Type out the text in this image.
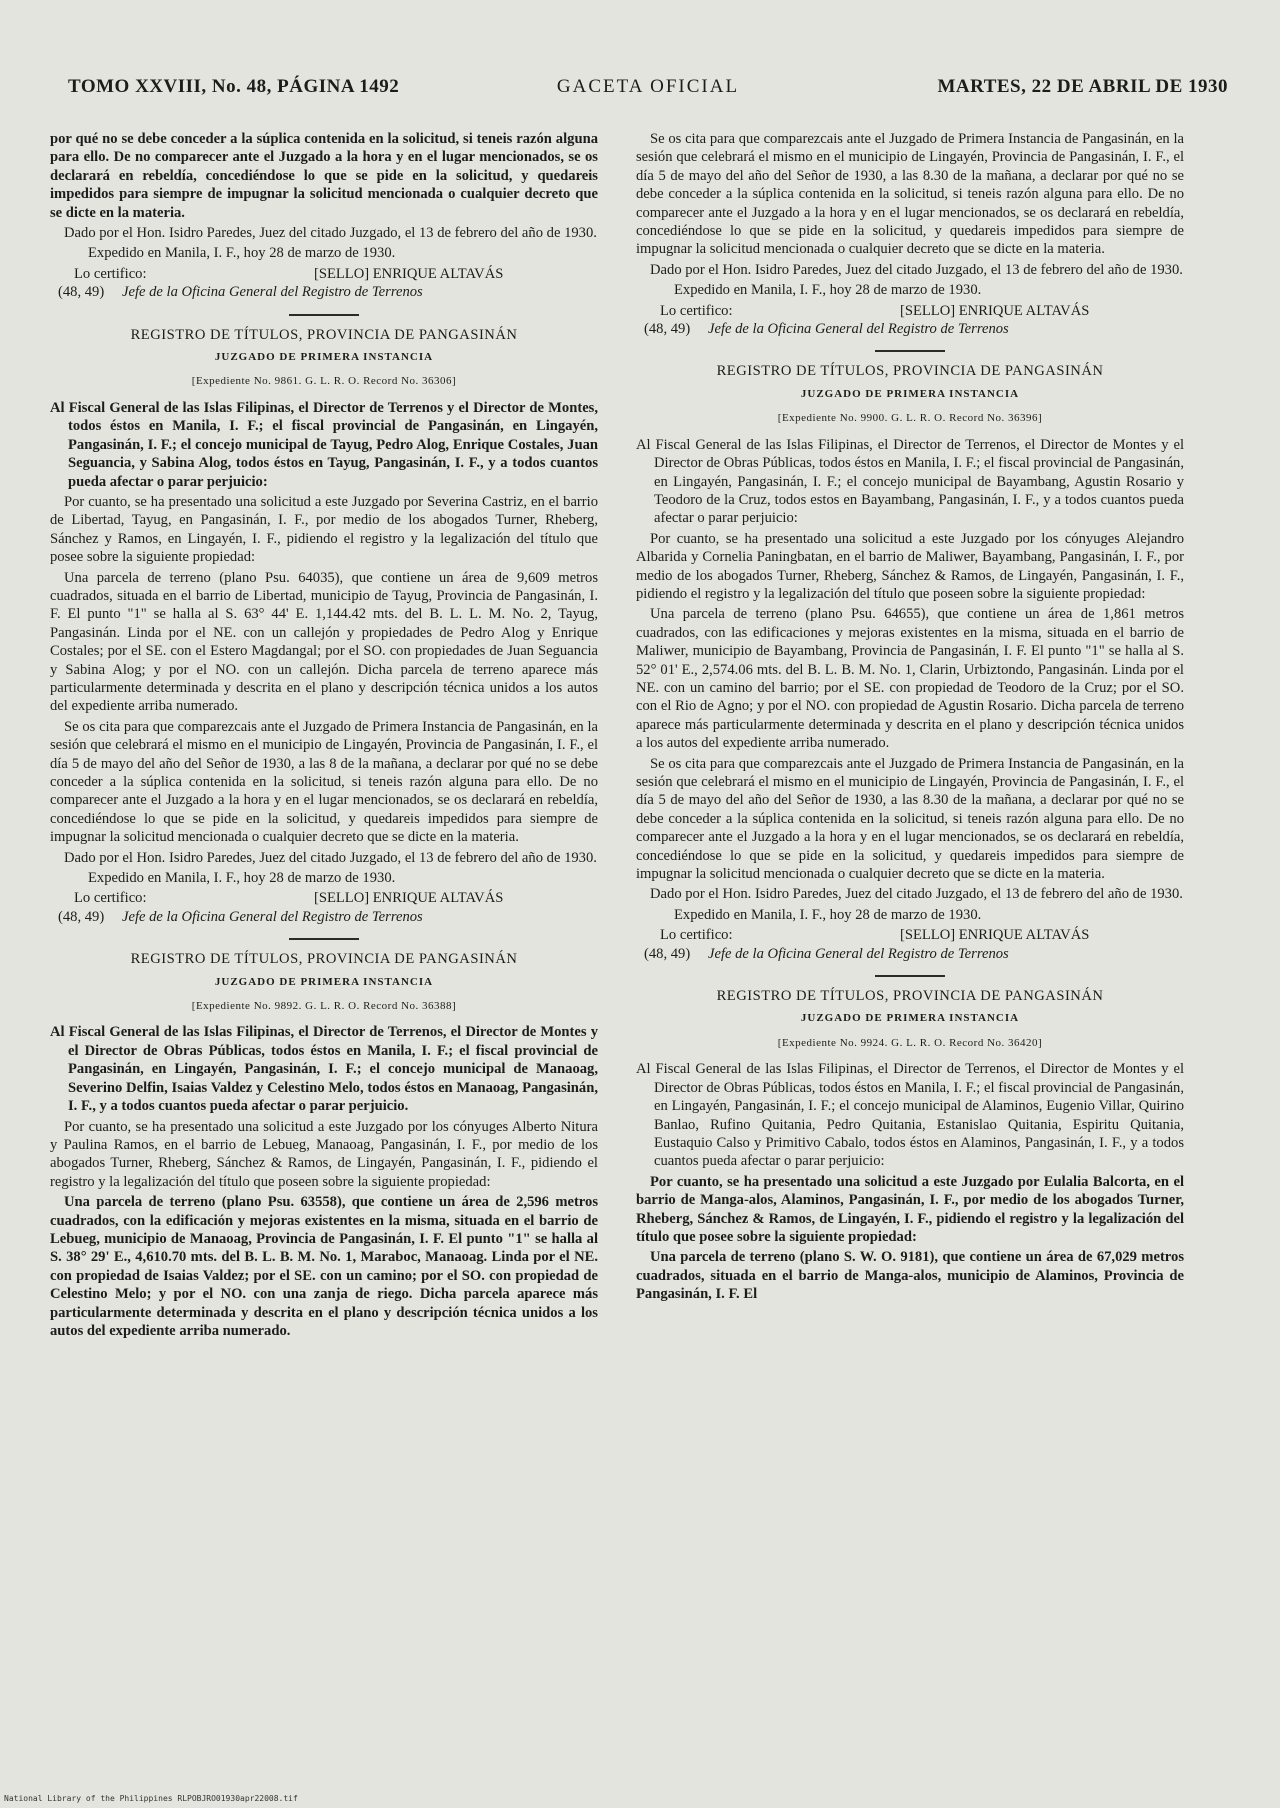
TOMO XXVIII, No. 48, PÁGINA 1492	GACETA OFICIAL	MARTES, 22 DE ABRIL DE 1930

por qué no se debe conceder a la súplica contenida en la solicitud, si teneis razón alguna para ello. De no comparecer ante el Juzgado a la hora y en el lugar mencionados, se os declarará en rebeldía, concediéndose lo que se pide en la solicitud, y quedareis impedidos para siempre de impugnar la solicitud mencionada o cualquier decreto que se dicte en la materia.

Dado por el Hon. Isidro Paredes, Juez del citado Juzgado, el 13 de febrero del año de 1930.

Expedido en Manila, I. F., hoy 28 de marzo de 1930.

Lo certifico:	[SELLO] ENRIQUE ALTAVÁS
(48, 49)	Jefe de la Oficina General del Registro de Terrenos
REGISTRO DE TÍTULOS, PROVINCIA DE PANGASINÁN
JUZGADO DE PRIMERA INSTANCIA
[Expediente No. 9861. G. L. R. O. Record No. 36306]

Al Fiscal General de las Islas Filipinas, el Director de Terrenos y el Director de Montes, todos éstos en Manila, I. F.; el fiscal provincial de Pangasinán, en Lingayén, Pangasinán, I. F.; el concejo municipal de Tayug, Pedro Alog, Enrique Costales, Juan Seguancia, y Sabina Alog, todos éstos en Tayug, Pangasinán, I. F., y a todos cuantos pueda afectar o parar perjuicio:

Por cuanto, se ha presentado una solicitud a este Juzgado por Severina Castriz, en el barrio de Libertad, Tayug, en Pangasinán, I. F., por medio de los abogados Turner, Rheberg, Sánchez y Ramos, en Lingayén, I. F., pidiendo el registro y la legalización del título que posee sobre la siguiente propiedad:

Una parcela de terreno (plano Psu. 64035), que contiene un área de 9,609 metros cuadrados, situada en el barrio de Libertad, municipio de Tayug, Provincia de Pangasinán, I. F. El punto "1" se halla al S. 63° 44' E. 1,144.42 mts. del B. L. L. M. No. 2, Tayug, Pangasinán. Linda por el NE. con un callejón y propiedades de Pedro Alog y Enrique Costales; por el SE. con el Estero Magdangal; por el SO. con propiedades de Juan Seguancia y Sabina Alog; y por el NO. con un callejón. Dicha parcela de terreno aparece más particularmente determinada y descrita en el plano y descripción técnica unidos a los autos del expediente arriba numerado.

Se os cita para que comparezcais ante el Juzgado de Primera Instancia de Pangasinán, en la sesión que celebrará el mismo en el municipio de Lingayén, Provincia de Pangasinán, I. F., el día 5 de mayo del año del Señor de 1930, a las 8 de la mañana, a declarar por qué no se debe conceder a la súplica contenida en la solicitud, si teneis razón alguna para ello. De no comparecer ante el Juzgado a la hora y en el lugar mencionados, se os declarará en rebeldía, concediéndose lo que se pide en la solicitud, y quedareis impedidos para siempre de impugnar la solicitud mencionada o cualquier decreto que se dicte en la materia.

Dado por el Hon. Isidro Paredes, Juez del citado Juzgado, el 13 de febrero del año de 1930.

Expedido en Manila, I. F., hoy 28 de marzo de 1930.

Lo certifico:	[SELLO] ENRIQUE ALTAVÁS
(48, 49)	Jefe de la Oficina General del Registro de Terrenos
REGISTRO DE TÍTULOS, PROVINCIA DE PANGASINÁN
JUZGADO DE PRIMERA INSTANCIA
[Expediente No. 9892. G. L. R. O. Record No. 36388]

Al Fiscal General de las Islas Filipinas, el Director de Terrenos, el Director de Montes y el Director de Obras Públicas, todos éstos en Manila, I. F.; el fiscal provincial de Pangasinán, en Lingayén, Pangasinán, I. F.; el concejo municipal de Manaoag, Severino Delfin, Isaias Valdez y Celestino Melo, todos éstos en Manaoag, Pangasinán, I. F., y a todos cuantos pueda afectar o parar perjuicio.

Por cuanto, se ha presentado una solicitud a este Juzgado por los cónyuges Alberto Nitura y Paulina Ramos, en el barrio de Lebueg, Manaoag, Pangasinán, I. F., por medio de los abogados Turner, Rheberg, Sánchez & Ramos, de Lingayén, Pangasinán, I. F., pidiendo el registro y la legalización del título que poseen sobre la siguiente propiedad:

Una parcela de terreno (plano Psu. 63558), que contiene un área de 2,596 metros cuadrados, con la edificación y mejoras existentes en la misma, situada en el barrio de Lebueg, municipio de Manaoag, Provincia de Pangasinán, I. F. El punto "1" se halla al S. 38° 29' E., 4,610.70 mts. del B. L. B. M. No. 1, Maraboc, Manaoag. Linda por el NE. con propiedad de Isaias Valdez; por el SE. con un camino; por el SO. con propiedad de Celestino Melo; y por el NO. con una zanja de riego. Dicha parcela aparece más particularmente determinada y descrita en el plano y descripción técnica unidos a los autos del expediente arriba numerado.

Se os cita para que comparezcais ante el Juzgado de Primera Instancia de Pangasinán, en la sesión que celebrará el mismo en el municipio de Lingayén, Provincia de Pangasinán, I. F., el día 5 de mayo del año del Señor de 1930, a las 8.30 de la mañana, a declarar por qué no se debe conceder a la súplica contenida en la solicitud, si teneis razón alguna para ello. De no comparecer ante el Juzgado a la hora y en el lugar mencionados, se os declarará en rebeldía, concediéndose lo que se pide en la solicitud, y quedareis impedidos para siempre de impugnar la solicitud mencionada o cualquier decreto que se dicte en la materia.

Dado por el Hon. Isidro Paredes, Juez del citado Juzgado, el 13 de febrero del año de 1930.

Expedido en Manila, I. F., hoy 28 de marzo de 1930.

Lo certifico:	[SELLO] ENRIQUE ALTAVÁS
(48, 49)	Jefe de la Oficina General del Registro de Terrenos
REGISTRO DE TÍTULOS, PROVINCIA DE PANGASINÁN
JUZGADO DE PRIMERA INSTANCIA
[Expediente No. 9900. G. L. R. O. Record No. 36396]

Al Fiscal General de las Islas Filipinas, el Director de Terrenos, el Director de Montes y el Director de Obras Públicas, todos éstos en Manila, I. F.; el fiscal provincial de Pangasinán, en Lingayén, Pangasinán, I. F.; el concejo municipal de Bayambang, Agustin Rosario y Teodoro de la Cruz, todos estos en Bayambang, Pangasinán, I. F., y a todos cuantos pueda afectar o parar perjuicio:

Por cuanto, se ha presentado una solicitud a este Juzgado por los cónyuges Alejandro Albarida y Cornelia Paningbatan, en el barrio de Maliwer, Bayambang, Pangasinán, I. F., por medio de los abogados Turner, Rheberg, Sánchez & Ramos, de Lingayén, Pangasinán, I. F., pidiendo el registro y la legalización del título que poseen sobre la siguiente propiedad:

Una parcela de terreno (plano Psu. 64655), que contiene un área de 1,861 metros cuadrados, con las edificaciones y mejoras existentes en la misma, situada en el barrio de Maliwer, municipio de Bayambang, Provincia de Pangasinán, I. F. El punto "1" se halla al S. 52° 01' E., 2,574.06 mts. del B. L. B. M. No. 1, Clarin, Urbiztondo, Pangasinán. Linda por el NE. con un camino del barrio; por el SE. con propiedad de Teodoro de la Cruz; por el SO. con el Rio de Agno; y por el NO. con propiedad de Agustin Rosario. Dicha parcela de terreno aparece más particularmente determinada y descrita en el plano y descripción técnica unidos a los autos del expediente arriba numerado.

Se os cita para que comparezcais ante el Juzgado de Primera Instancia de Pangasinán, en la sesión que celebrará el mismo en el municipio de Lingayén, Provincia de Pangasinán, I. F., el día 5 de mayo del año del Señor de 1930, a las 8.30 de la mañana, a declarar por qué no se debe conceder a la súplica contenida en la solicitud, si teneis razón alguna para ello. De no comparecer ante el Juzgado a la hora y en el lugar mencionados, se os declarará en rebeldía, concediéndose lo que se pide en la solicitud, y quedareis impedidos para siempre de impugnar la solicitud mencionada o cualquier decreto que se dicte en la materia.

Dado por el Hon. Isidro Paredes, Juez del citado Juzgado, el 13 de febrero del año de 1930.

Expedido en Manila, I. F., hoy 28 de marzo de 1930.

Lo certifico:	[SELLO] ENRIQUE ALTAVÁS
(48, 49)	Jefe de la Oficina General del Registro de Terrenos
REGISTRO DE TÍTULOS, PROVINCIA DE PANGASINÁN
JUZGADO DE PRIMERA INSTANCIA
[Expediente No. 9924. G. L. R. O. Record No. 36420]

Al Fiscal General de las Islas Filipinas, el Director de Terrenos, el Director de Montes y el Director de Obras Públicas, todos éstos en Manila, I. F.; el fiscal provincial de Pangasinán, en Lingayén, Pangasinán, I. F.; el concejo municipal de Alaminos, Eugenio Villar, Quirino Banlao, Rufino Quitania, Pedro Quitania, Estanislao Quitania, Espiritu Quitania, Eustaquio Calso y Primitivo Cabalo, todos éstos en Alaminos, Pangasinán, I. F., y a todos cuantos pueda afectar o parar perjuicio:

Por cuanto, se ha presentado una solicitud a este Juzgado por Eulalia Balcorta, en el barrio de Manga-alos, Alaminos, Pangasinán, I. F., por medio de los abogados Turner, Rheberg, Sánchez & Ramos, de Lingayén, I. F., pidiendo el registro y la legalización del título que posee sobre la siguiente propiedad:

Una parcela de terreno (plano S. W. O. 9181), que contiene un área de 67,029 metros cuadrados, situada en el barrio de Manga-alos, municipio de Alaminos, Provincia de Pangasinán, I. F. El

National Library of the Philippines RLPOBJRO01930apr22008.tif
